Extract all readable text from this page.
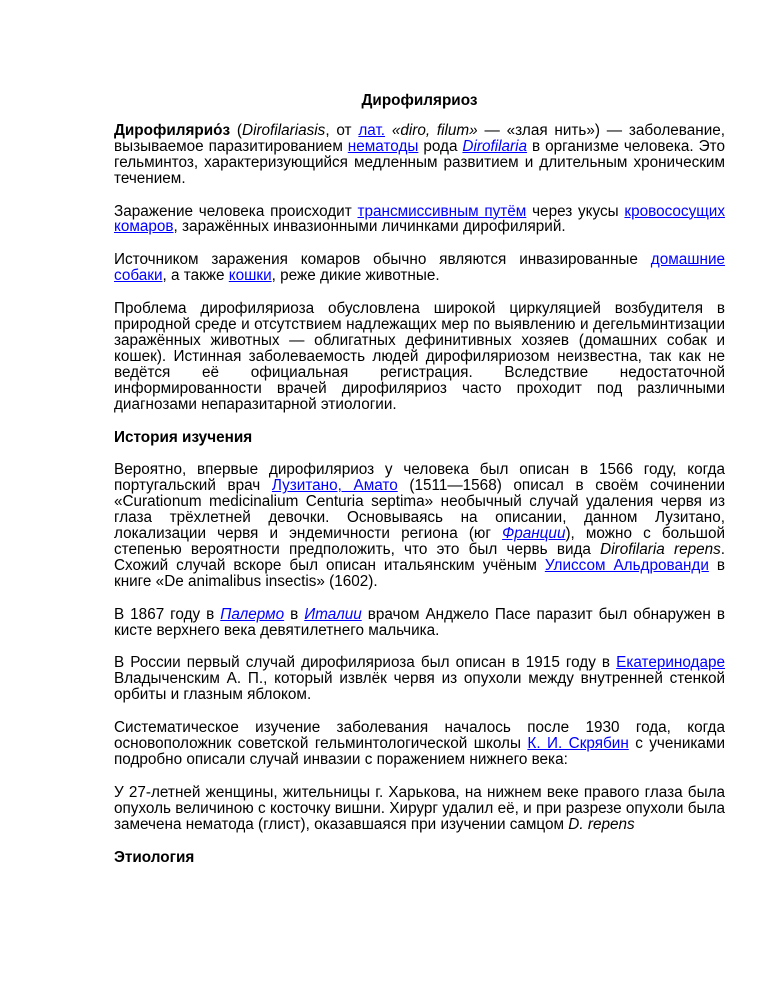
Дирофиляриоз

Дирофилярио́з (Dirofilariasis, от лат. «diro, filum» — «злая нить») — заболевание, вызываемое паразитированием нематоды рода Dirofilaria в организме человека. Это гельминтоз, характеризующийся медленным развитием и длительным хроническим течением.

Заражение человека происходит трансмиссивным путём через укусы кровососущих комаров, заражённых инвазионными личинками дирофилярий.

Источником заражения комаров обычно являются инвазированные домашние собаки, а также кошки, реже дикие животные.

Проблема дирофиляриоза обусловлена широкой циркуляцией возбудителя в природной среде и отсутствием надлежащих мер по выявлению и дегельминтизации заражённых животных — облигатных дефинитивных хозяев (домашних собак и кошек). Истинная заболеваемость людей дирофиляриозом неизвестна, так как не ведётся её официальная регистрация. Вследствие недостаточной информированности врачей дирофиляриоз часто проходит под различными диагнозами непаразитарной этиологии.

История изучения

Вероятно, впервые дирофиляриоз у человека был описан в 1566 году, когда португальский врач Лузитано, Амато (1511—1568) описал в своём сочинении «Curationum medicinalium Centuria septima» необычный случай удаления червя из глаза трёхлетней девочки. Основываясь на описании, данном Лузитано, локализации червя и эндемичности региона (юг Франции), можно с большой степенью вероятности предположить, что это был червь вида Dirofilaria repens. Схожий случай вскоре был описан итальянским учёным Улиссом Альдрованди в книге «De animalibus insectis» (1602).

В 1867 году в Палермо в Италии врачом Анджело Пасе паразит был обнаружен в кисте верхнего века девятилетнего мальчика.

В России первый случай дирофиляриоза был описан в 1915 году в Екатеринодаре Владыченским А. П., который извлёк червя из опухоли между внутренней стенкой орбиты и глазным яблоком.

Систематическое изучение заболевания началось после 1930 года, когда основоположник советской гельминтологической школы К. И. Скрябин с учениками подробно описали случай инвазии с поражением нижнего века:

У 27-летней женщины, жительницы г. Харькова, на нижнем веке правого глаза была опухоль величиною с косточку вишни. Хирург удалил её, и при разрезе опухоли была замечена нематода (глист), оказавшаяся при изучении самцом D. repens

Этиология
